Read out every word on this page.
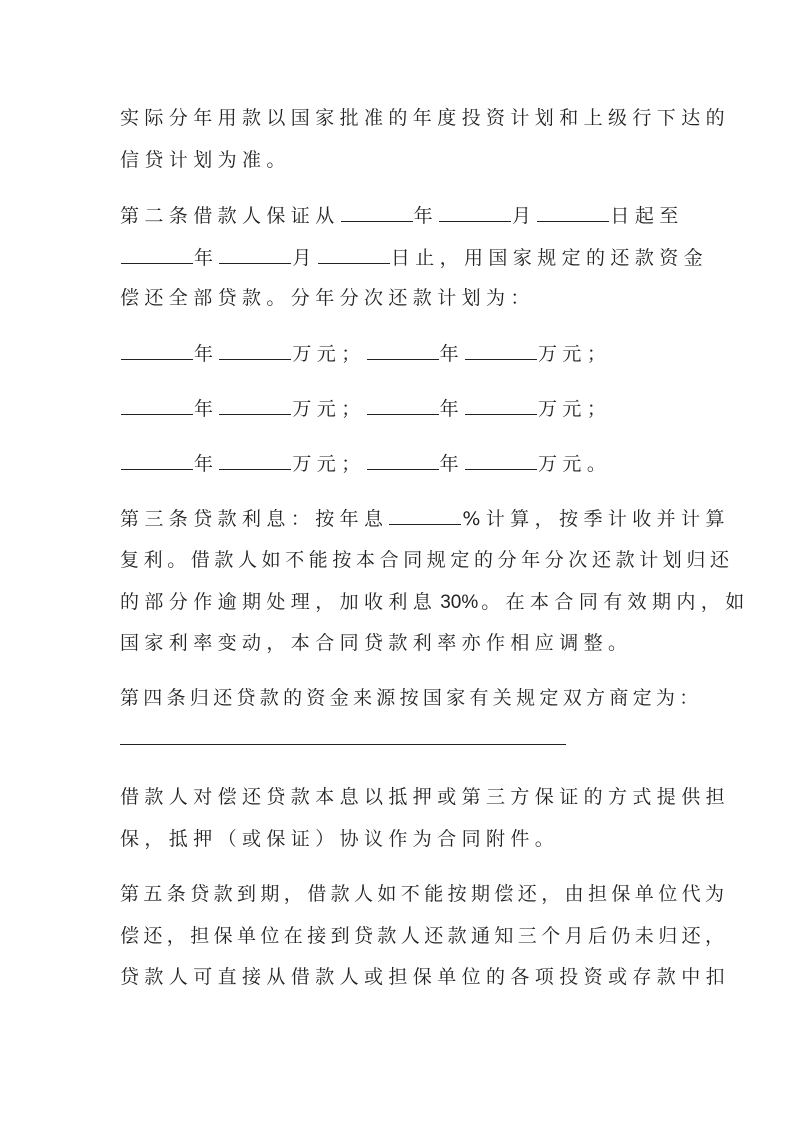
实际分年用款以国家批准的年度投资计划和上级行下达的
信贷计划为准。
第二条借款人保证从	年	月	日起至
年	月	日止，用国家规定的还款资金
偿还全部贷款。分年分次还款计划为：
年	万元；	年	万元；
年	万元；	年	万元；
年	万元；	年	万元。
第三条贷款利息：按年息	%计算，按季计收并计算
复利。借款人如不能按本合同规定的分年分次还款计划归还
的部分作逾期处理，加收利息 30% 。在本合同有效期内，如
国家利率变动，本合同贷款利率亦作相应调整。
第四条归还贷款的资金来源按国家有关规定双方商定为：
借款人对偿还贷款本息以抵押或第三方保证的方式提供担
保，抵押（或保证）协议作为合同附件。
第五条贷款到期，借款人如不能按期偿还，由担保单位代为
偿还，担保单位在接到贷款人还款通知三个月后仍未归还，
贷款人可直接从借款人或担保单位的各项投资或存款中扣
